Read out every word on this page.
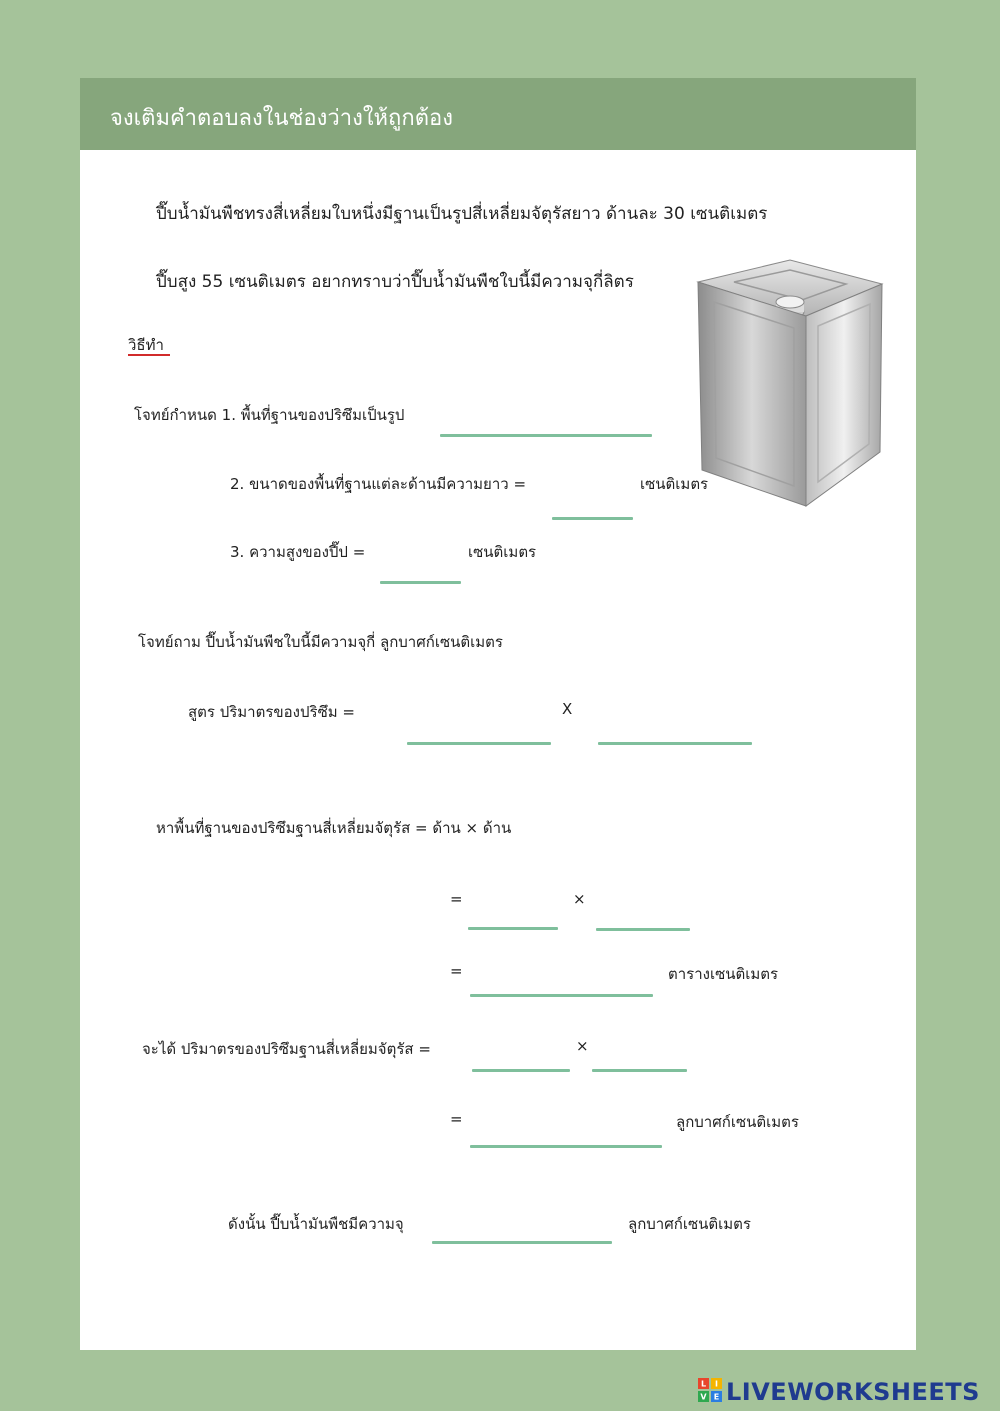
จงเติมคำตอบลงในช่องว่างให้ถูกต้อง
ปี๊บน้ำมันพืชทรงสี่เหลี่ยมใบหนึ่งมีฐานเป็นรูปสี่เหลี่ยมจัตุรัสยาว ด้านละ 30 เซนติเมตร
ปี๊บสูง 55 เซนติเมตร อยากทราบว่าปี๊บน้ำมันพืชใบนี้มีความจุกี่ลิตร
วิธีทำ
โจทย์กำหนด 1. พื้นที่ฐานของปริซึมเป็นรูป
2. ขนาดของพื้นที่ฐานแต่ละด้านมีความยาว =	เซนติเมตร
3. ความสูงของปี๊ป =	เซนติเมตร
โจทย์ถาม ปี๊บน้ำมันพืชใบนี้มีความจุกี่ ลูกบาศก์เซนติเมตร
สูตร ปริมาตรของปริซึม =	X
หาพื้นที่ฐานของปริซึมฐานสี่เหลี่ยมจัตุรัส = ด้าน × ด้าน
=	×
=	ตารางเซนติเมตร
จะได้ ปริมาตรของปริซึมฐานสี่เหลี่ยมจัตุรัส =	×
=	ลูกบาศก์เซนติเมตร
ดังนั้น ปี๊บน้ำมันพืชมีความจุ	ลูกบาศก์เซนติเมตร
L I
V E LIVEWORKSHEETS
